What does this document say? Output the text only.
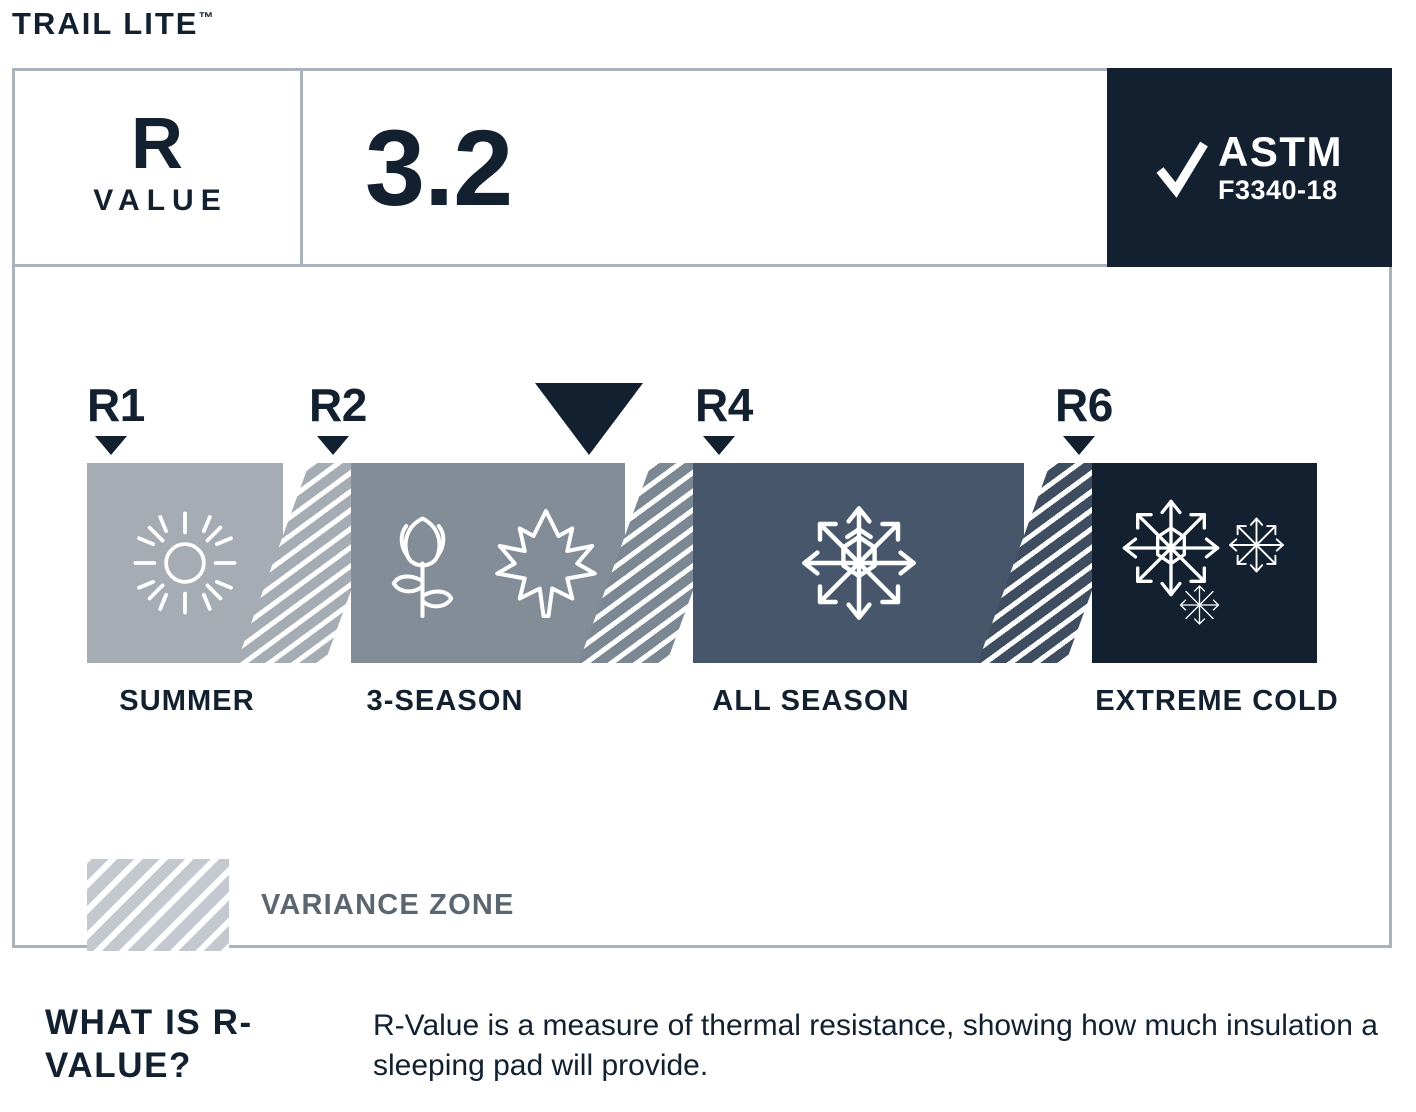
TRAIL LITE™
R
VALUE 3.2	ASTM
F3340-18
R1	R2	R4	R6
SUMMER	3-SEASON	ALL SEASON	EXTREME COLD
VARIANCE ZONE
WHAT IS R-VALUE?
R-Value is a measure of thermal resistance, showing how much insulation a sleeping pad will provide.
